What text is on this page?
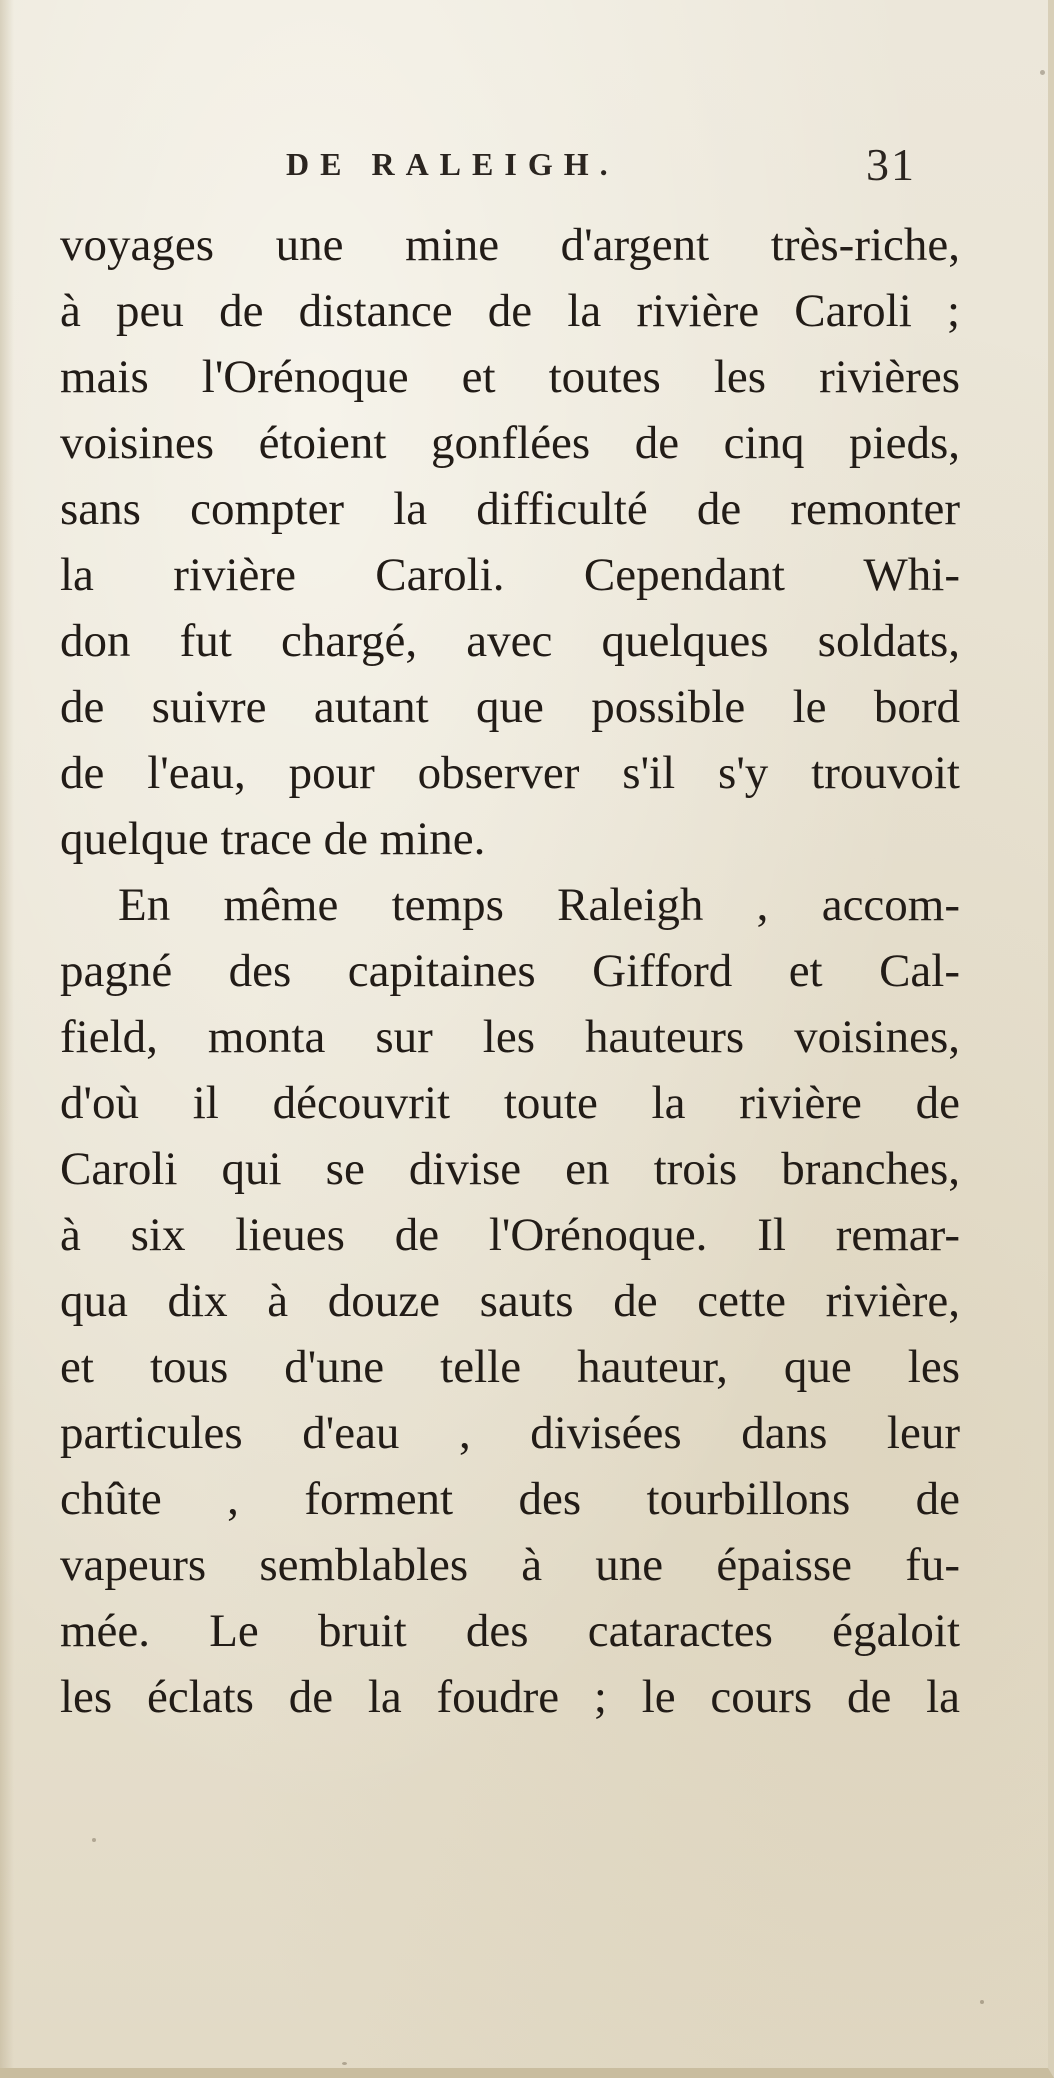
DE RALEIGH.	31
voyages une mine d'argent très-riche,
à peu de distance de la rivière Caroli ;
mais l'Orénoque et toutes les rivières
voisines étoient gonflées de cinq pieds,
sans compter la difficulté de remonter
la rivière Caroli. Cependant Whi-
don fut chargé, avec quelques soldats,
de suivre autant que possible le bord
de l'eau, pour observer s'il s'y trouvoit
quelque trace de mine.
En même temps Raleigh , accom-
pagné des capitaines Gifford et Cal-
field, monta sur les hauteurs voisines,
d'où il découvrit toute la rivière de
Caroli qui se divise en trois branches,
à six lieues de l'Orénoque. Il remar-
qua dix à douze sauts de cette rivière,
et tous d'une telle hauteur, que les
particules d'eau , divisées dans leur
chûte , forment des tourbillons de
vapeurs semblables à une épaisse fu-
mée. Le bruit des cataractes égaloit
les éclats de la foudre ; le cours de la
